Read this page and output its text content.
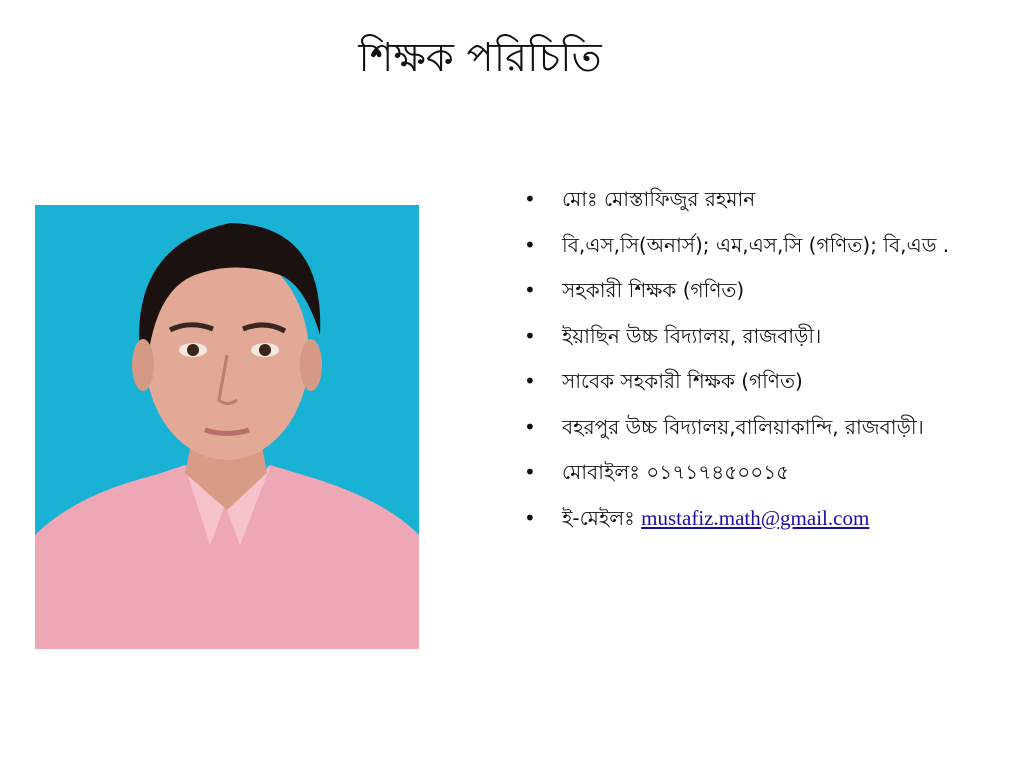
শিক্ষক পরিচিতি
• মোঃ মোস্তাফিজুর রহমান
• বি,এস,সি(অনার্স); এম,এস,সি (গণিত); বি,এড .
• সহকারী শিক্ষক (গণিত)
• ইয়াছিন উচ্চ বিদ্যালয়, রাজবাড়ী।
• সাবেক সহকারী শিক্ষক (গণিত)
• বহরপুর উচ্চ বিদ্যালয়,বালিয়াকান্দি, রাজবাড়ী।
• মোবাইলঃ ০১৭১৭৪৫০০১৫
• ই-মেইলঃ mustafiz.math@gmail.com
